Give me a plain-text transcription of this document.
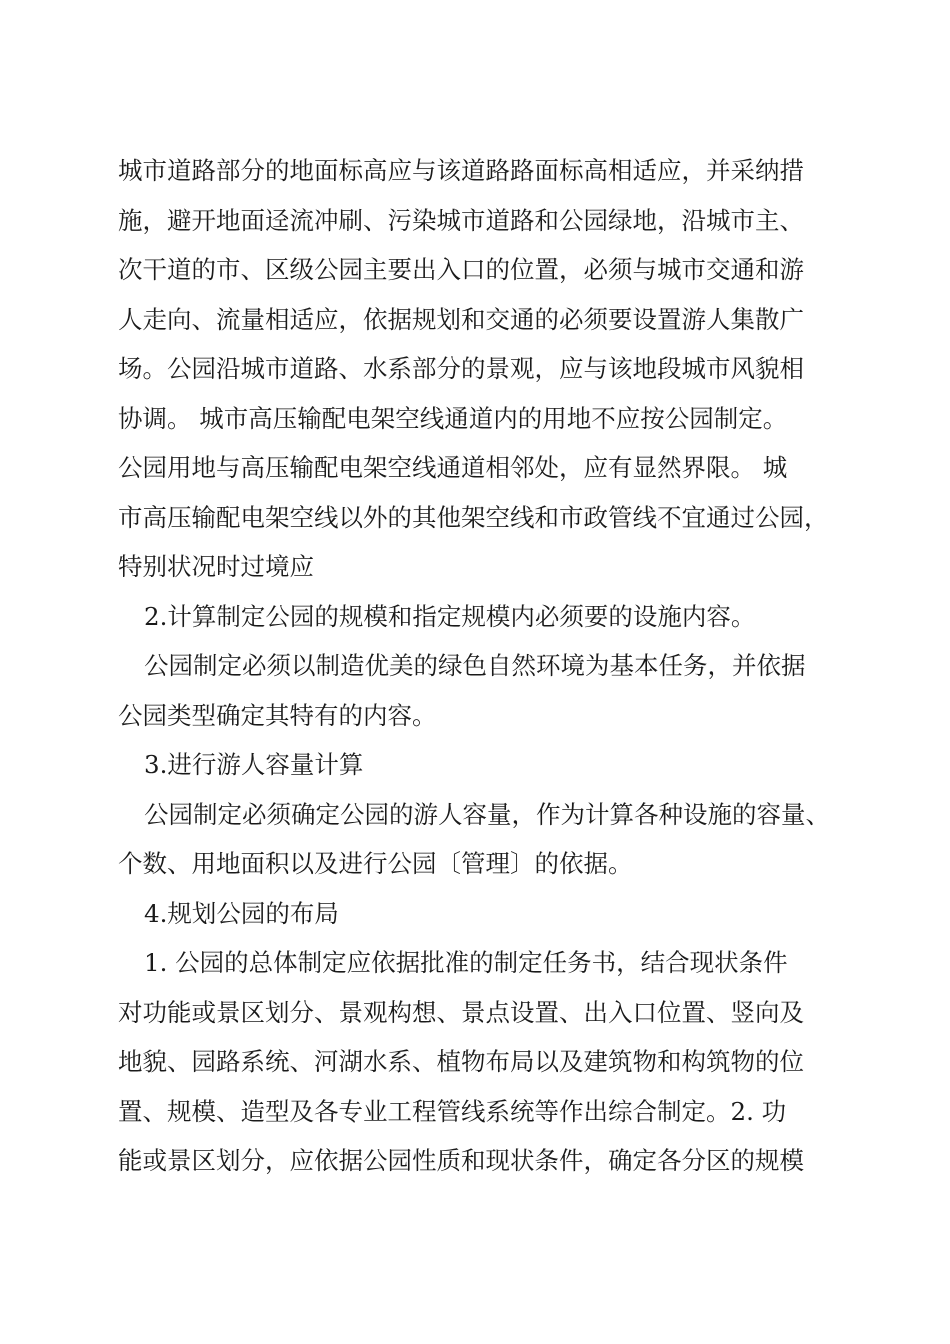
城市道路部分的地面标高应与该道路路面标高相适应，并采纳措
施，避开地面迳流冲刷、污染城市道路和公园绿地，沿城市主、
次干道的市、区级公园主要出入口的位置，必须与城市交通和游
人走向、流量相适应，依据规划和交通的必须要设置游人集散广
场。公园沿城市道路、水系部分的景观，应与该地段城市风貌相
协调。 城市高压输配电架空线通道内的用地不应按公园制定。
公园用地与高压输配电架空线通道相邻处，应有显然界限。 城
市高压输配电架空线以外的其他架空线和市政管线不宜通过公园，
特别状况时过境应
2.计算制定公园的规模和指定规模内必须要的设施内容。
公园制定必须以制造优美的绿色自然环境为基本任务，并依据
公园类型确定其特有的内容。
3.进行游人容量计算
公园制定必须确定公园的游人容量，作为计算各种设施的容量、
个数、用地面积以及进行公园〔管理〕的依据。
4.规划公园的布局
1. 公园的总体制定应依据批准的制定任务书，结合现状条件
对功能或景区划分、景观构想、景点设置、出入口位置、竖向及
地貌、园路系统、河湖水系、植物布局以及建筑物和构筑物的位
置、规模、造型及各专业工程管线系统等作出综合制定。2. 功
能或景区划分，应依据公园性质和现状条件，确定各分区的规模
